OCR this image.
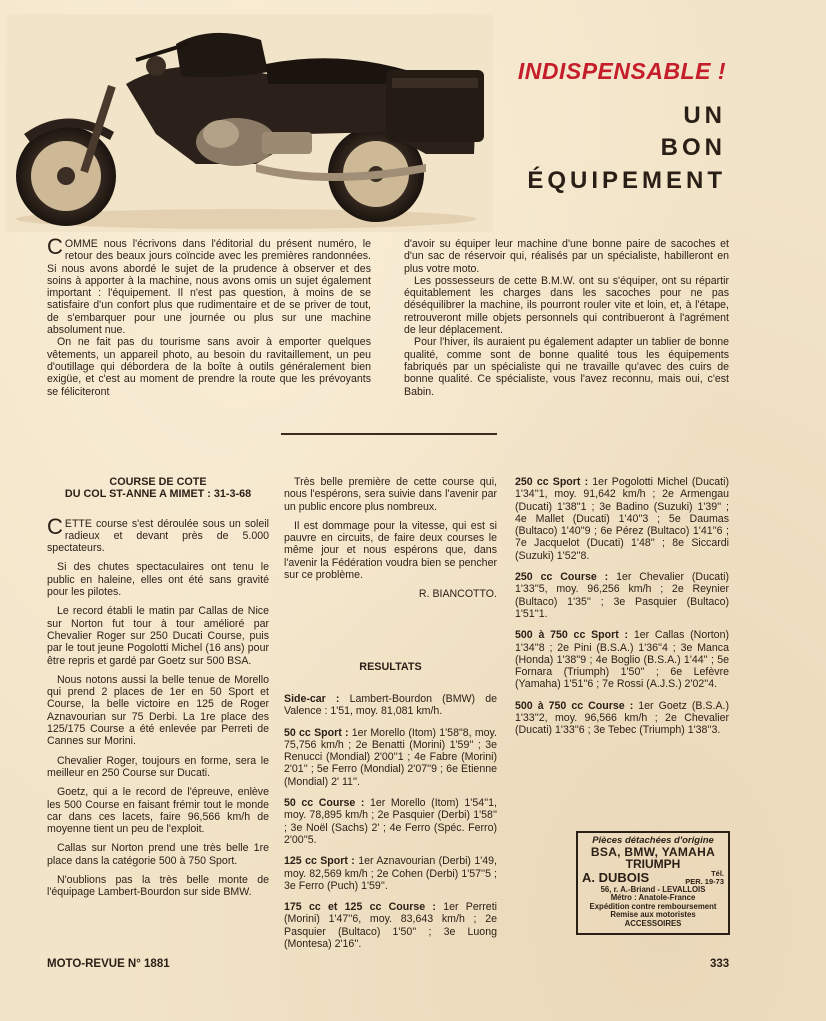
INDISPENSABLE !
UN
BON
ÉQUIPEMENT

COMME nous l'écrivons dans l'éditorial du présent numéro, le retour des beaux jours coïncide avec les premières randonnées. Si nous avons abordé le sujet de la prudence à observer et des soins à apporter à la machine, nous avons omis un sujet également important : l'équipement. Il n'est pas question, à moins de se satisfaire d'un confort plus que rudimentaire et de se priver de tout, de s'embarquer pour une journée ou plus sur une machine absolument nue.

On ne fait pas du tourisme sans avoir à emporter quelques vêtements, un appareil photo, au besoin du ravitaillement, un peu d'outillage qui débordera de la boîte à outils généralement bien exigüe, et c'est au moment de prendre la route que les prévoyants se féliciteront

d'avoir su équiper leur machine d'une bonne paire de sacoches et d'un sac de réservoir qui, réalisés par un spécialiste, habilleront en plus votre moto.

Les possesseurs de cette B.M.W. ont su s'équiper, ont su répartir équitablement les charges dans les sacoches pour ne pas déséquilibrer la machine, ils pourront rouler vite et loin, et, à l'étape, retrouveront mille objets personnels qui contribueront à l'agrément de leur déplacement.

Pour l'hiver, ils auraient pu également adapter un tablier de bonne qualité, comme sont de bonne qualité tous les équipements fabriqués par un spécialiste qui ne travaille qu'avec des cuirs de bonne qualité. Ce spécialiste, vous l'avez reconnu, mais oui, c'est Babin.

COURSE DE COTE
DU COL ST-ANNE A MIMET : 31-3-68

CETTE course s'est déroulée sous un soleil radieux et devant près de 5.000 spectateurs.

Si des chutes spectaculaires ont tenu le public en haleine, elles ont été sans gravité pour les pilotes.

Le record établi le matin par Callas de Nice sur Norton fut tour à tour amélioré par Chevalier Roger sur 250 Ducati Course, puis par le tout jeune Pogolotti Michel (16 ans) pour être repris et gardé par Goetz sur 500 BSA.

Nous notons aussi la belle tenue de Morello qui prend 2 places de 1er en 50 Sport et Course, la belle victoire en 125 de Roger Aznavourian sur 75 Derbi. La 1re place des 125/175 Course a été enlevée par Perreti de Cannes sur Morini.

Chevalier Roger, toujours en forme, sera le meilleur en 250 Course sur Ducati.

Goetz, qui a le record de l'épreuve, enlève les 500 Course en faisant frémir tout le monde car dans ces lacets, faire 96,566 km/h de moyenne tient un peu de l'exploit.

Callas sur Norton prend une très belle 1re place dans la catégorie 500 à 750 Sport.

N'oublions pas la très belle monte de l'équipage Lambert-Bourdon sur side BMW.

Très belle première de cette course qui, nous l'espérons, sera suivie dans l'avenir par un public encore plus nombreux.

Il est dommage pour la vitesse, qui est si pauvre en circuits, de faire deux courses le même jour et nous espérons que, dans l'avenir la Fédération voudra bien se pencher sur ce problème.

R. BIANCOTTO.
RESULTATS

Side-car : Lambert-Bourdon (BMW) de Valence : 1'51, moy. 81,081 km/h.

50 cc Sport : 1er Morello (Itom) 1'58"8, moy. 75,756 km/h ; 2e Benatti (Morini) 1'59'' ; 3e Renucci (Mondial) 2'00''1 ; 4e Fabre (Morini) 2'01'' ; 5e Ferro (Mondial) 2'07''9 ; 6e Etienne (Mondial) 2' 11''.

50 cc Course : 1er Morello (Itom) 1'54''1, moy. 78,895 km/h ; 2e Pasquier (Derbi) 1'58'' ; 3e Noël (Sachs) 2' ; 4e Ferro (Spéc. Ferro) 2'00''5.

125 cc Sport : 1er Aznavourian (Derbi) 1'49, moy. 82,569 km/h ; 2e Cohen (Derbi) 1'57''5 ; 3e Ferro (Puch) 1'59''.

175 cc et 125 cc Course : 1er Perreti (Morini) 1'47''6, moy. 83,643 km/h ; 2e Pasquier (Bultaco) 1'50'' ; 3e Luong (Montesa) 2'16''.

250 cc Sport : 1er Pogolotti Michel (Ducati) 1'34''1, moy. 91,642 km/h ; 2e Armengau (Ducati) 1'38''1 ; 3e Badino (Suzuki) 1'39'' ; 4e Mallet (Ducati) 1'40''3 ; 5e Daumas (Bultaco) 1'40''9 ; 6e Pérez (Bultaco) 1'41''6 ; 7e Jacquelot (Ducati) 1'48'' ; 8e Siccardi (Suzuki) 1'52''8.

250 cc Course : 1er Chevalier (Ducati) 1'33''5, moy. 96,256 km/h ; 2e Reynier (Bultaco) 1'35'' ; 3e Pasquier (Bultaco) 1'51''1.

500 à 750 cc Sport : 1er Callas (Norton) 1'34''8 ; 2e Pini (B.S.A.) 1'36''4 ; 3e Manca (Honda) 1'38''9 ; 4e Boglio (B.S.A.) 1'44'' ; 5e Fornara (Triumph) 1'50'' ; 6e Lefèvre (Yamaha) 1'51''6 ; 7e Rossi (A.J.S.) 2'02''4.

500 à 750 cc Course : 1er Goetz (B.S.A.) 1'33''2, moy. 96,566 km/h ; 2e Chevalier (Ducati) 1'33''6 ; 3e Tebec (Triumph) 1'38''3.

Pièces détachées d'origine
BSA, BMW, YAMAHA
TRIUMPH
A. DUBOIS	Tél.
PER. 19-73
56, r. A.-Briand - LEVALLOIS
Métro : Anatole-France
Expédition contre remboursement
Remise aux motoristes
ACCESSOIRES
MOTO-REVUE N° 1881	333
